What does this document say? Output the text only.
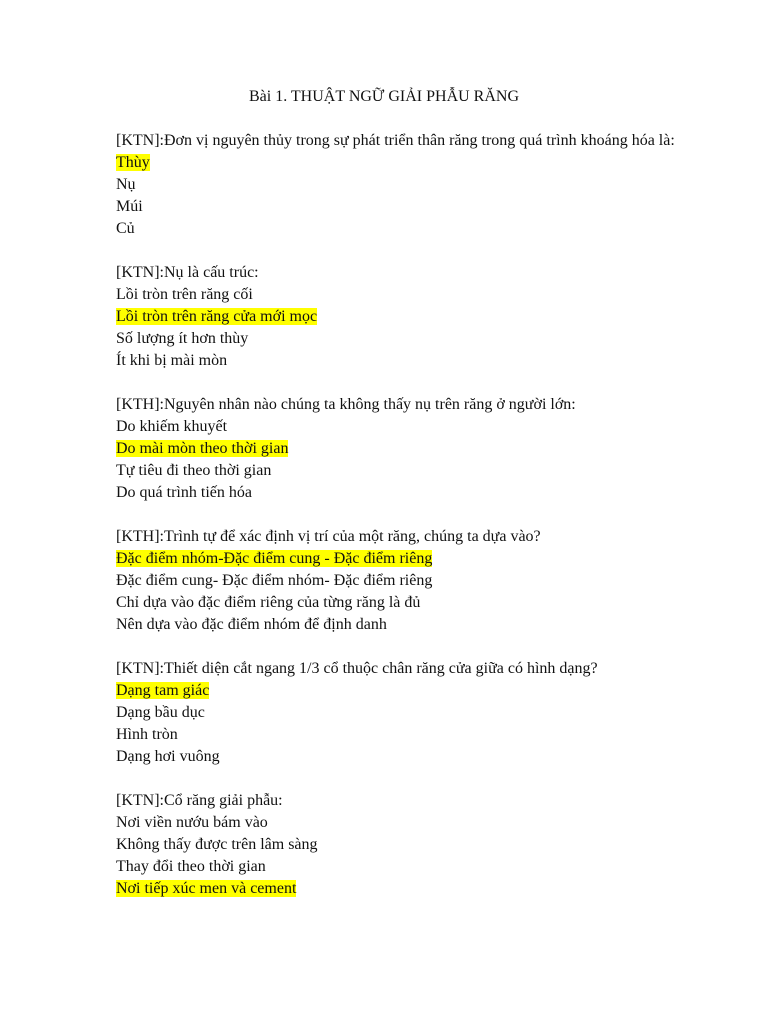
Bài 1. THUẬT NGỮ GIẢI PHẪU RĂNG

[KTN]:Đơn vị nguyên thủy trong sự phát triển thân răng trong quá trình khoáng hóa là:

Thùy

Nụ

Múi

Củ

[KTN]:Nụ là cấu trúc:

Lồi tròn trên răng cối

Lồi tròn trên răng cửa mới mọc

Số lượng ít hơn thùy

Ít khi bị mài mòn

[KTH]:Nguyên nhân nào chúng ta không thấy nụ trên răng ở người lớn:

Do khiếm khuyết

Do mài mòn theo thời gian

Tự tiêu đi theo thời gian

Do quá trình tiến hóa

[KTH]:Trình tự để xác định vị trí của một răng, chúng ta dựa vào?

Đặc điểm nhóm-Đặc điểm cung - Đặc điểm riêng

Đặc điểm cung- Đặc điểm nhóm- Đặc điểm riêng

Chỉ dựa vào đặc điểm riêng của từng răng là đủ

Nên dựa vào đặc điểm nhóm để định danh

[KTN]:Thiết diện cắt ngang 1/3 cổ thuộc chân răng cửa giữa có hình dạng?

Dạng tam giác

Dạng bầu dục

Hình tròn

Dạng hơi vuông

[KTN]:Cổ răng giải phẫu:

Nơi viền nướu bám vào

Không thấy được trên lâm sàng

Thay đổi theo thời gian

Nơi tiếp xúc men và cement
